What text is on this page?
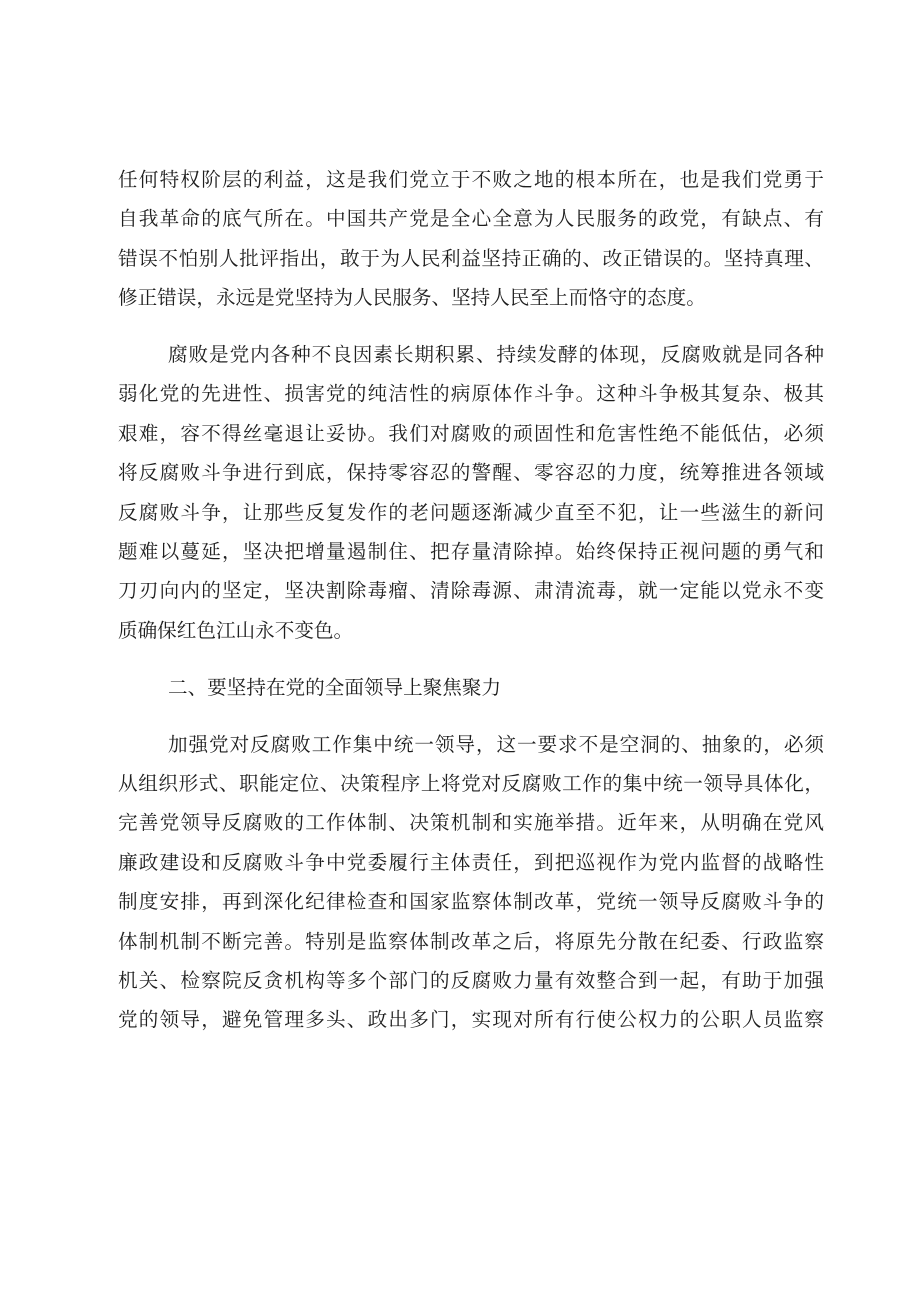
任何特权阶层的利益，这是我们党立于不败之地的根本所在，也是我们党勇于
自我革命的底气所在。中国共产党是全心全意为人民服务的政党，有缺点、有
错误不怕别人批评指出，敢于为人民利益坚持正确的、改正错误的。坚持真理、
修正错误，永远是党坚持为人民服务、坚持人民至上而恪守的态度。
腐败是党内各种不良因素长期积累、持续发酵的体现，反腐败就是同各种
弱化党的先进性、损害党的纯洁性的病原体作斗争。这种斗争极其复杂、极其
艰难，容不得丝毫退让妥协。我们对腐败的顽固性和危害性绝不能低估，必须
将反腐败斗争进行到底，保持零容忍的警醒、零容忍的力度，统筹推进各领域
反腐败斗争，让那些反复发作的老问题逐渐减少直至不犯，让一些滋生的新问
题难以蔓延，坚决把增量遏制住、把存量清除掉。始终保持正视问题的勇气和
刀刃向内的坚定，坚决割除毒瘤、清除毒源、肃清流毒，就一定能以党永不变
质确保红色江山永不变色。
二、要坚持在党的全面领导上聚焦聚力
加强党对反腐败工作集中统一领导，这一要求不是空洞的、抽象的，必须
从组织形式、职能定位、决策程序上将党对反腐败工作的集中统一领导具体化，
完善党领导反腐败的工作体制、决策机制和实施举措。近年来，从明确在党风
廉政建设和反腐败斗争中党委履行主体责任，到把巡视作为党内监督的战略性
制度安排，再到深化纪律检查和国家监察体制改革，党统一领导反腐败斗争的
体制机制不断完善。特别是监察体制改革之后，将原先分散在纪委、行政监察
机关、检察院反贪机构等多个部门的反腐败力量有效整合到一起，有助于加强
党的领导，避免管理多头、政出多门，实现对所有行使公权力的公职人员监察
